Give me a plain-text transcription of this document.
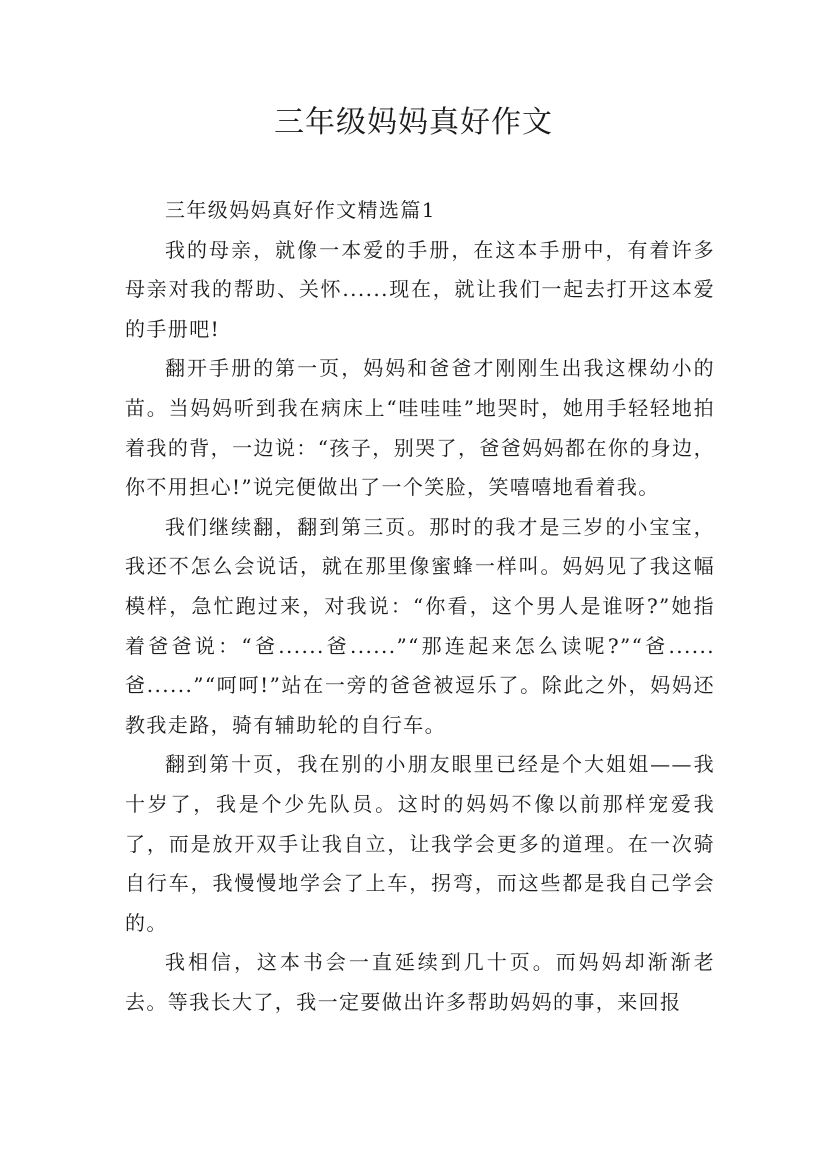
三年级妈妈真好作文

三年级妈妈真好作文精选篇1

我的母亲，就像一本爱的手册，在这本手册中，有着许多母亲对我的帮助、关怀......现在，就让我们一起去打开这本爱的手册吧!

翻开手册的第一页，妈妈和爸爸才刚刚生出我这棵幼小的苗。当妈妈听到我在病床上“哇哇哇”地哭时，她用手轻轻地拍着我的背，一边说：“孩子，别哭了，爸爸妈妈都在你的身边，你不用担心!”说完便做出了一个笑脸，笑嘻嘻地看着我。

我们继续翻，翻到第三页。那时的我才是三岁的小宝宝，我还不怎么会说话，就在那里像蜜蜂一样叫。妈妈见了我这幅模样，急忙跑过来，对我说：“你看，这个男人是谁呀?”她指着爸爸说：“爸......爸......”“那连起来怎么读呢?”“爸......爸......”“呵呵!”站在一旁的爸爸被逗乐了。除此之外，妈妈还教我走路，骑有辅助轮的自行车。

翻到第十页，我在别的小朋友眼里已经是个大姐姐——我十岁了，我是个少先队员。这时的妈妈不像以前那样宠爱我了，而是放开双手让我自立，让我学会更多的道理。在一次骑自行车，我慢慢地学会了上车，拐弯，而这些都是我自己学会的。

我相信，这本书会一直延续到几十页。而妈妈却渐渐老去。等我长大了，我一定要做出许多帮助妈妈的事，来回报
